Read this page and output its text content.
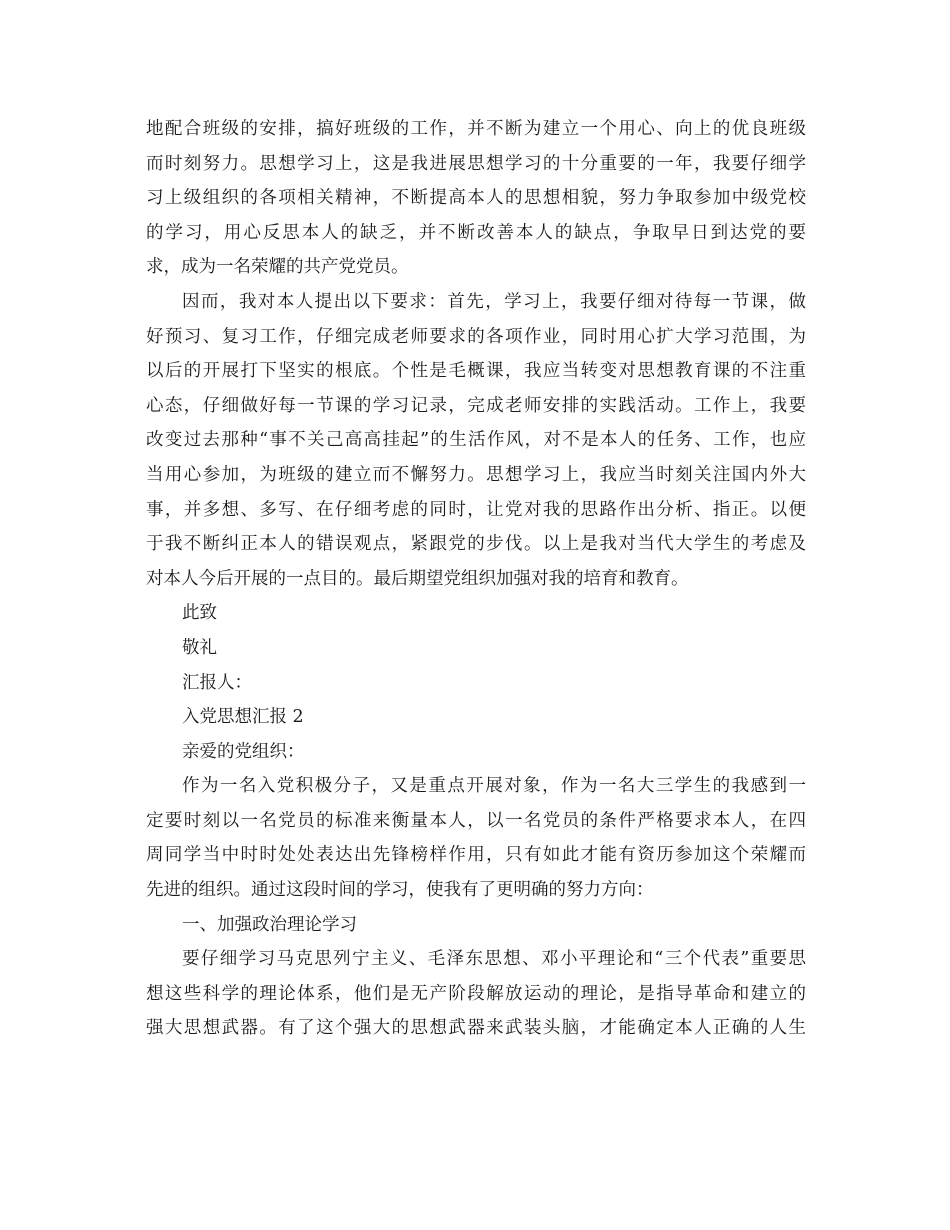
地配合班级的安排，搞好班级的工作，并不断为建立一个用心、向上的优良班级
而时刻努力。思想学习上，这是我进展思想学习的十分重要的一年，我要仔细学
习上级组织的各项相关精神，不断提高本人的思想相貌，努力争取参加中级党校
的学习，用心反思本人的缺乏，并不断改善本人的缺点，争取早日到达党的要
求，成为一名荣耀的共产党党员。
因而，我对本人提出以下要求：首先，学习上，我要仔细对待每一节课，做
好预习、复习工作，仔细完成老师要求的各项作业，同时用心扩大学习范围，为
以后的开展打下坚实的根底。个性是毛概课，我应当转变对思想教育课的不注重
心态，仔细做好每一节课的学习记录，完成老师安排的实践活动。工作上，我要
改变过去那种“事不关己高高挂起”的生活作风，对不是本人的任务、工作，也应
当用心参加，为班级的建立而不懈努力。思想学习上，我应当时刻关注国内外大
事，并多想、多写、在仔细考虑的同时，让党对我的思路作出分析、指正。以便
于我不断纠正本人的错误观点，紧跟党的步伐。以上是我对当代大学生的考虑及
对本人今后开展的一点目的。最后期望党组织加强对我的培育和教育。
此致
敬礼
汇报人：
入党思想汇报 2
亲爱的党组织：
作为一名入党积极分子，又是重点开展对象，作为一名大三学生的我感到一
定要时刻以一名党员的标准来衡量本人，以一名党员的条件严格要求本人，在四
周同学当中时时处处表达出先锋榜样作用，只有如此才能有资历参加这个荣耀而
先进的组织。通过这段时间的学习，使我有了更明确的努力方向：
一、加强政治理论学习
要仔细学习马克思列宁主义、毛泽东思想、邓小平理论和“三个代表”重要思
想这些科学的理论体系，他们是无产阶段解放运动的理论，是指导革命和建立的
强大思想武器。有了这个强大的思想武器来武装头脑，才能确定本人正确的人生
